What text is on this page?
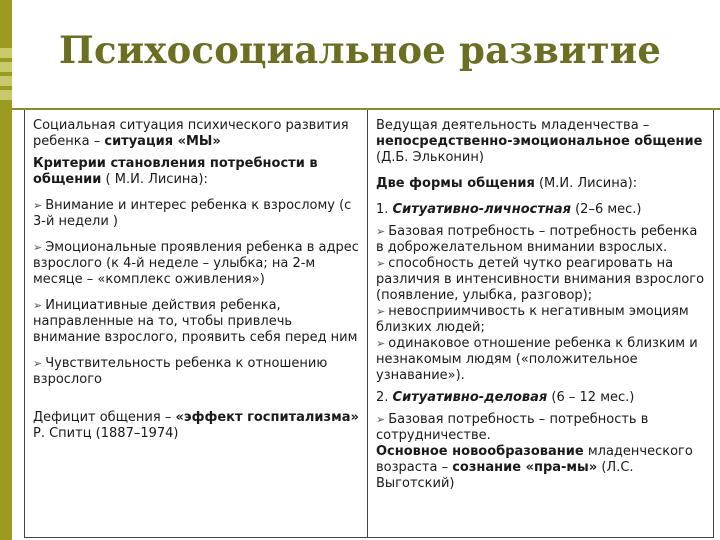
Психосоциальное развитие

Социальная ситуация психического развития ребенка – ситуация «МЫ»

Критерии становления потребности в общении ( М.И. Лисина):

➢ Внимание и интерес ребенка к взрослому (с 3-й недели )

➢ Эмоциональные проявления ребенка в адрес взрослого (к 4-й неделе – улыбка; на 2-м месяце – «комплекс оживления»)

➢ Инициативные действия ребенка, направленные на то, чтобы привлечь внимание взрослого, проявить себя перед ним

➢ Чувствительность ребенка к отношению взрослого

Дефицит общения – «эффект госпитализма» Р. Спитц (1887–1974)

Ведущая деятельность младенчества – непосредственно-эмоциональное общение (Д.Б. Эльконин)

Две формы общения (М.И. Лисина):

1. Ситуативно-личностная (2–6 мес.)

➢ Базовая потребность – потребность ребенка в доброжелательном внимании взрослых.

➢ способность детей чутко реагировать на различия в интенсивности внимания взрослого (появление, улыбка, разговор);

➢ невосприимчивость к негативным эмоциям близких людей;

➢ одинаковое отношение ребенка к близким и незнакомым людям («положительное узнавание»).

2. Ситуативно-деловая (6 – 12 мес.)

➢ Базовая потребность – потребность в сотрудничестве.

Основное новообразование младенческого возраста – сознание «пра-мы» (Л.С. Выготский)
